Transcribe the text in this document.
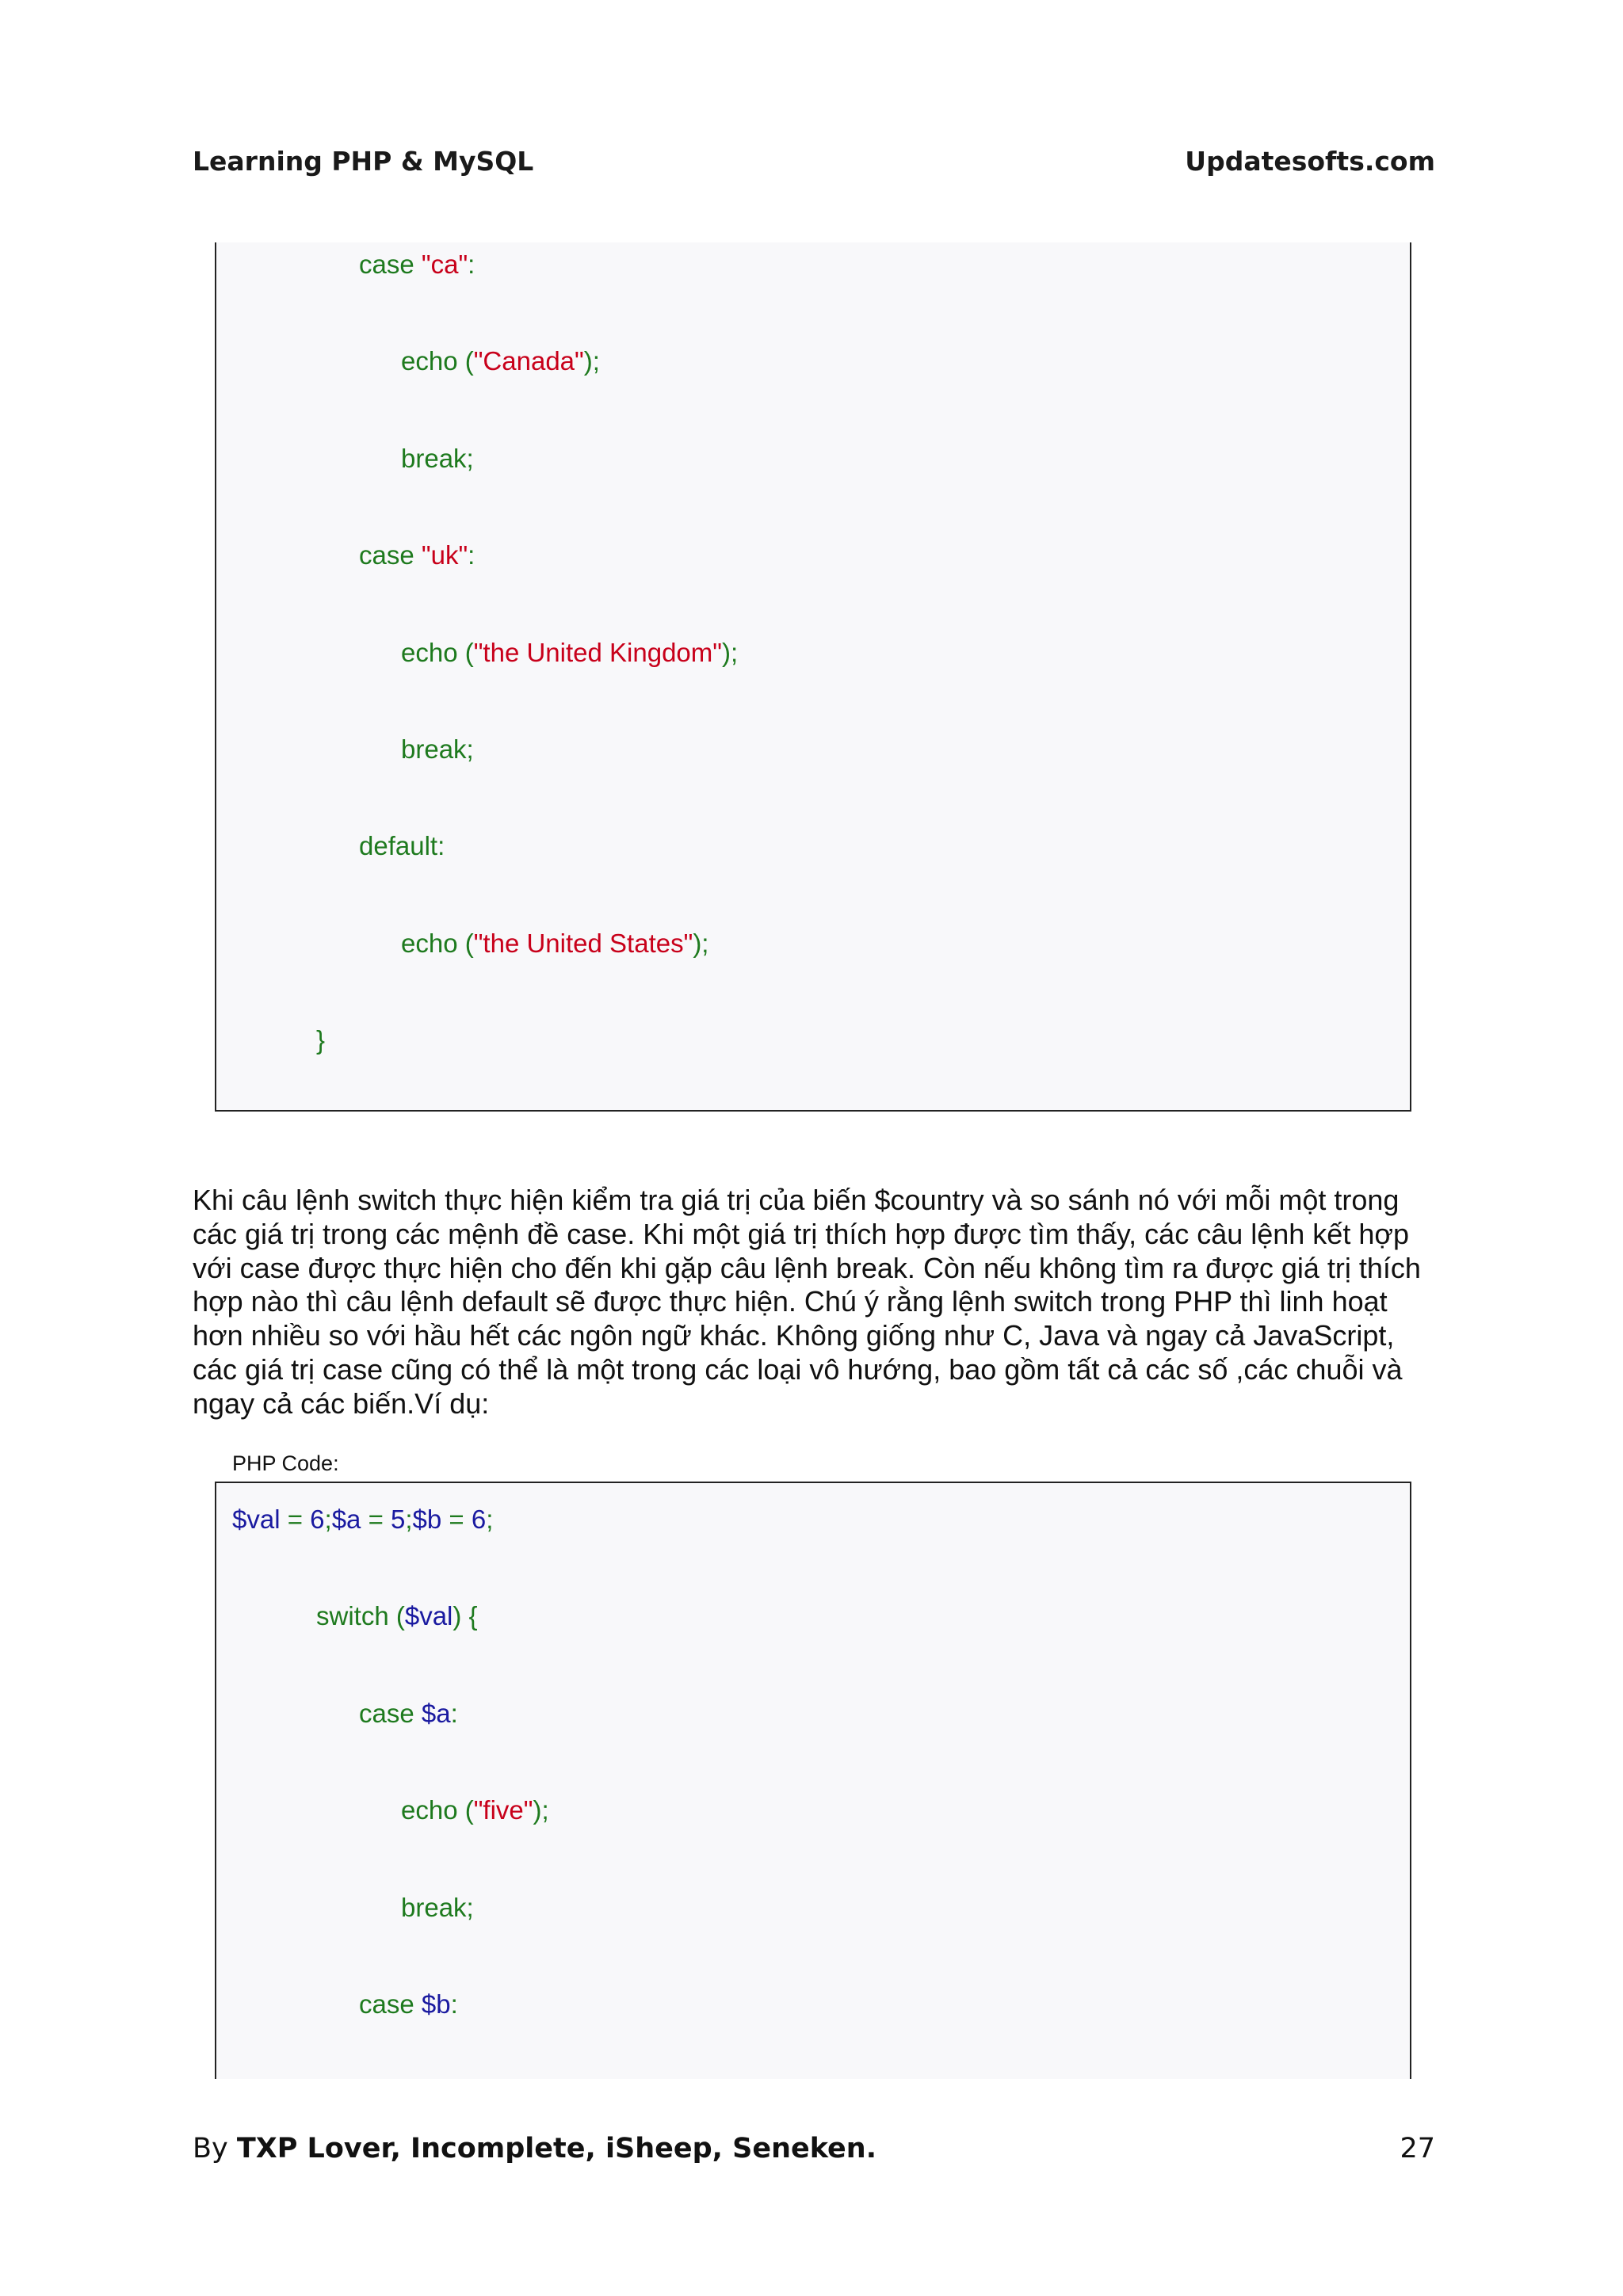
Learning PHP & MySQL	Updatesofts.com
case "ca":
echo ("Canada");
break;
case "uk":
echo ("the United Kingdom");
break;
default:
echo ("the United States");
}
Khi câu lệnh switch thực hiện kiểm tra giá trị của biến $country và so sánh nó với mỗi một trong các giá trị trong các mệnh đề case. Khi một giá trị thích hợp được tìm thấy, các câu lệnh kết hợp với case được thực hiện cho đến khi gặp câu lệnh break. Còn nếu không tìm ra được giá trị thích hợp nào thì câu lệnh default sẽ được thực hiện. Chú ý rằng lệnh switch trong PHP thì linh hoạt hơn nhiều so với hầu hết các ngôn ngữ khác. Không giống như C, Java và ngay cả JavaScript, các giá trị case cũng có thể là một trong các loại vô hướng, bao gồm tất cả các số ,các chuỗi và ngay cả các biến.Ví dụ:
PHP Code:
$val = 6;$a = 5;$b = 6;
switch ($val) {
case $a:
echo ("five");
break;
case $b:
By TXP Lover, Incomplete, iSheep, Seneken.	27
